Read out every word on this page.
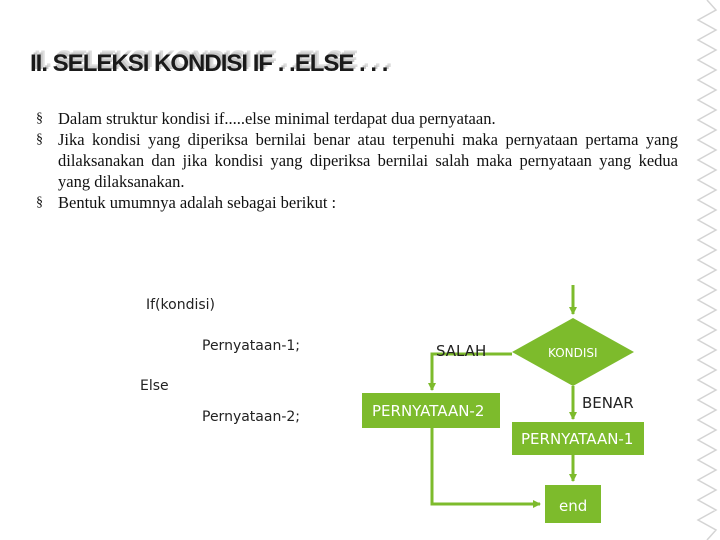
II. SELEKSI KONDISI IF . .ELSE . . .
§ Dalam struktur kondisi if.....else minimal terdapat dua pernyataan.
§ Jika kondisi yang diperiksa bernilai benar atau terpenuhi maka pernyataan pertama yang dilaksanakan dan jika kondisi yang diperiksa bernilai salah maka pernyataan yang kedua yang dilaksanakan.
§ Bentuk umumnya adalah sebagai berikut :
If(kondisi)
Pernyataan-1;
Else
Pernyataan-2;
KONDISI
SALAH
BENAR
PERNYATAAN-2
PERNYATAAN-1
end
